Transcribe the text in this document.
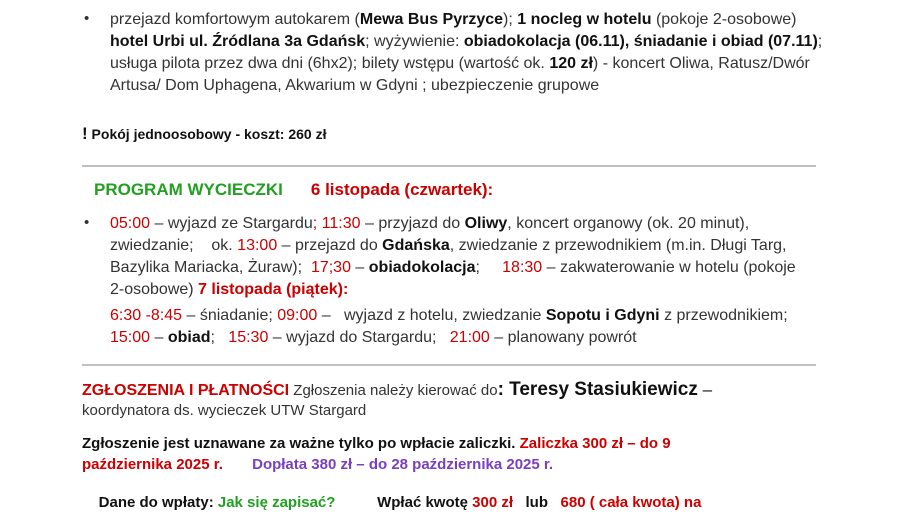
• przejazd komfortowym autokarem (Mewa Bus Pyrzyce); 1 nocleg w hotelu (pokoje 2-osobowe) hotel Urbi ul. Źródlana 3a Gdańsk; wyżywienie: obiadokolacja (06.11), śniadanie i obiad (07.11); usługa pilota przez dwa dni (6hx2); bilety wstępu (wartość ok. 120 zł) - koncert Oliwa, Ratusz/Dwór Artusa/ Dom Uphagena, Akwarium w Gdyni ; ubezpieczenie grupowe
! Pokój jednoosobowy - koszt: 260 zł
PROGRAM WYCIECZKI 6 listopada (czwartek):
• 05:00 – wyjazd ze Stargardu; 11:30 – przyjazd do Oliwy, koncert organowy (ok. 20 minut), zwiedzanie;    ok. 13:00 – przejazd do Gdańska, zwiedzanie z przewodnikiem (m.in. Długi Targ, Bazylika Mariacka, Żuraw);  17;30 – obiadokolacja;     18:30 – zakwaterowanie w hotelu (pokoje 2-osobowe) 7 listopada (piątek):
6:30 -8:45 – śniadanie; 09:00 –   wyjazd z hotelu, zwiedzanie Sopotu i Gdyni z przewodnikiem;    15:00 – obiad;   15:30 – wyjazd do Stargardu;   21:00 – planowany powrót
ZGŁOSZENIA I PŁATNOŚCI Zgłoszenia należy kierować do: Teresy Stasiukiewicz –
koordynatora ds. wycieczek UTW Stargard
Zgłoszenie jest uznawane za ważne tylko po wpłacie zaliczki. Zaliczka 300 zł – do 9
października 2025 r. Dopłata 380 zł – do 28 października 2025 r.

Dane do wpłaty: Jak się zapisać?          Wpłać kwotę 300 zł   lub   680 ( cała kwota) na
